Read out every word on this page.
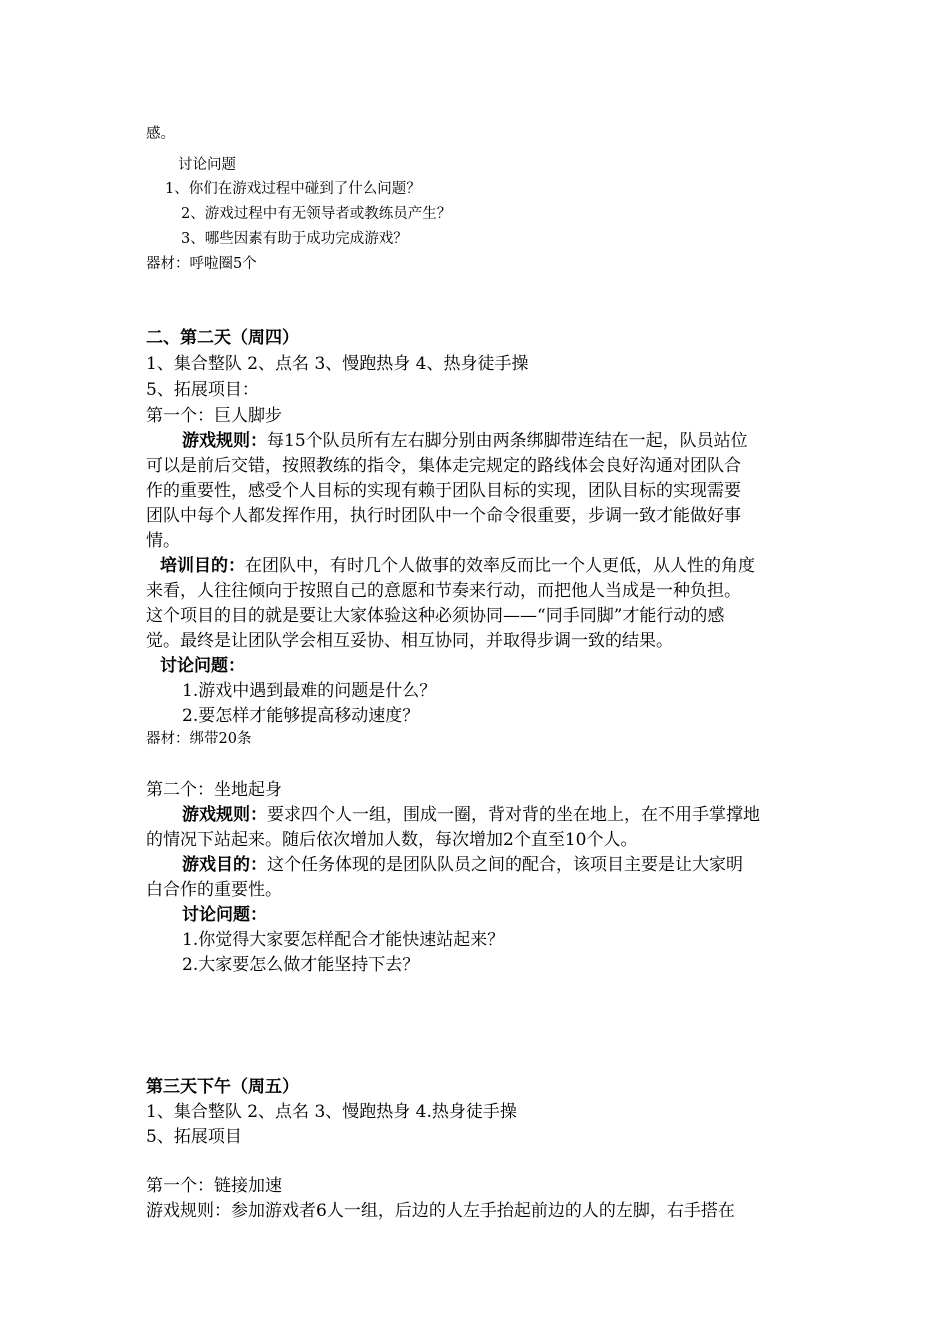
感。
讨论问题
1、你们在游戏过程中碰到了什么问题？
2、游戏过程中有无领导者或教练员产生？
3、哪些因素有助于成功完成游戏？
器材：呼啦圈5个
二、第二天（周四）
1、集合整队 2、点名 3、慢跑热身 4、热身徒手操
5、拓展项目：
第一个：巨人脚步
游戏规则：每15个队员所有左右脚分别由两条绑脚带连结在一起，队员站位
可以是前后交错，按照教练的指令，集体走完规定的路线体会良好沟通对团队合
作的重要性，感受个人目标的实现有赖于团队目标的实现，团队目标的实现需要
团队中每个人都发挥作用，执行时团队中一个命令很重要，步调一致才能做好事
情。
培训目的：在团队中，有时几个人做事的效率反而比一个人更低，从人性的角度
来看，人往往倾向于按照自己的意愿和节奏来行动，而把他人当成是一种负担。
这个项目的目的就是要让大家体验这种必须协同——“同手同脚”才能行动的感
觉。最终是让团队学会相互妥协、相互协同，并取得步调一致的结果。
讨论问题：
1.游戏中遇到最难的问题是什么？
2.要怎样才能够提高移动速度？
器材：绑带20条
第二个：坐地起身
游戏规则：要求四个人一组，围成一圈，背对背的坐在地上，在不用手掌撑地
的情况下站起来。随后依次增加人数，每次增加2个直至10个人。
游戏目的：这个任务体现的是团队队员之间的配合，该项目主要是让大家明
白合作的重要性。
讨论问题：
1.你觉得大家要怎样配合才能快速站起来？
2.大家要怎么做才能坚持下去？
第三天下午（周五）
1、集合整队 2、点名 3、慢跑热身 4.热身徒手操
5、拓展项目
第一个：链接加速
游戏规则：参加游戏者6人一组，后边的人左手抬起前边的人的左脚，右手搭在
